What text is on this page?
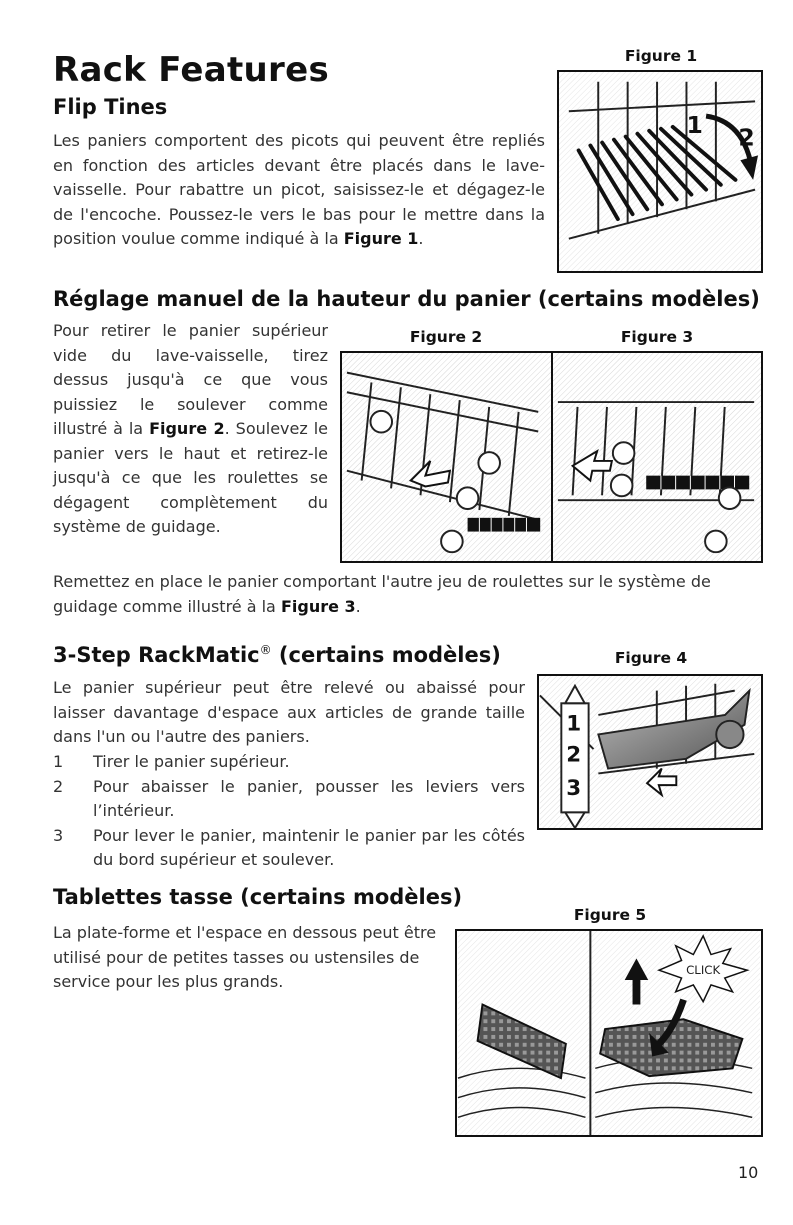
Rack Features
Flip Tines

Les paniers comportent des picots qui peuvent être repliés en fonction des articles devant être placés dans le lave-vaisselle. Pour rabattre un picot, saisissez-le et dégagez-le de l'encoche. Poussez-le vers le bas pour le mettre dans la position voulue comme indiqué à la Figure 1.

Figure 1
1 2
Réglage manuel de la hauteur du panier (certains modèles)

Pour retirer le panier supérieur vide du lave-vaisselle, tirez dessus jusqu'à ce que vous puissiez le soulever comme illustré à la Figure 2. Soulevez le panier vers le haut et retirez-le jusqu'à ce que les roulettes se dégagent complètement du système de guidage.

Figure 2	Figure 3

Remettez en place le panier comportant l'autre jeu de roulettes sur le système de guidage comme illustré à la Figure 3.

3-Step RackMatic® (certains modèles)

Le panier supérieur peut être relevé ou abaissé pour laisser davantage d'espace aux articles de grande taille dans l'un ou l'autre des paniers.

1 Tirer le panier supérieur.
2 Pour abaisser le panier, pousser les leviers vers l’intérieur.
3 Pour lever le panier, maintenir le panier par les côtés du bord supérieur et soulever.
Figure 4
1
2
3
Tablettes tasse (certains modèles)

La plate-forme et l'espace en dessous peut être utilisé pour de petites tasses ou ustensiles de service pour les plus grands.

Figure 5
CLICK
10
